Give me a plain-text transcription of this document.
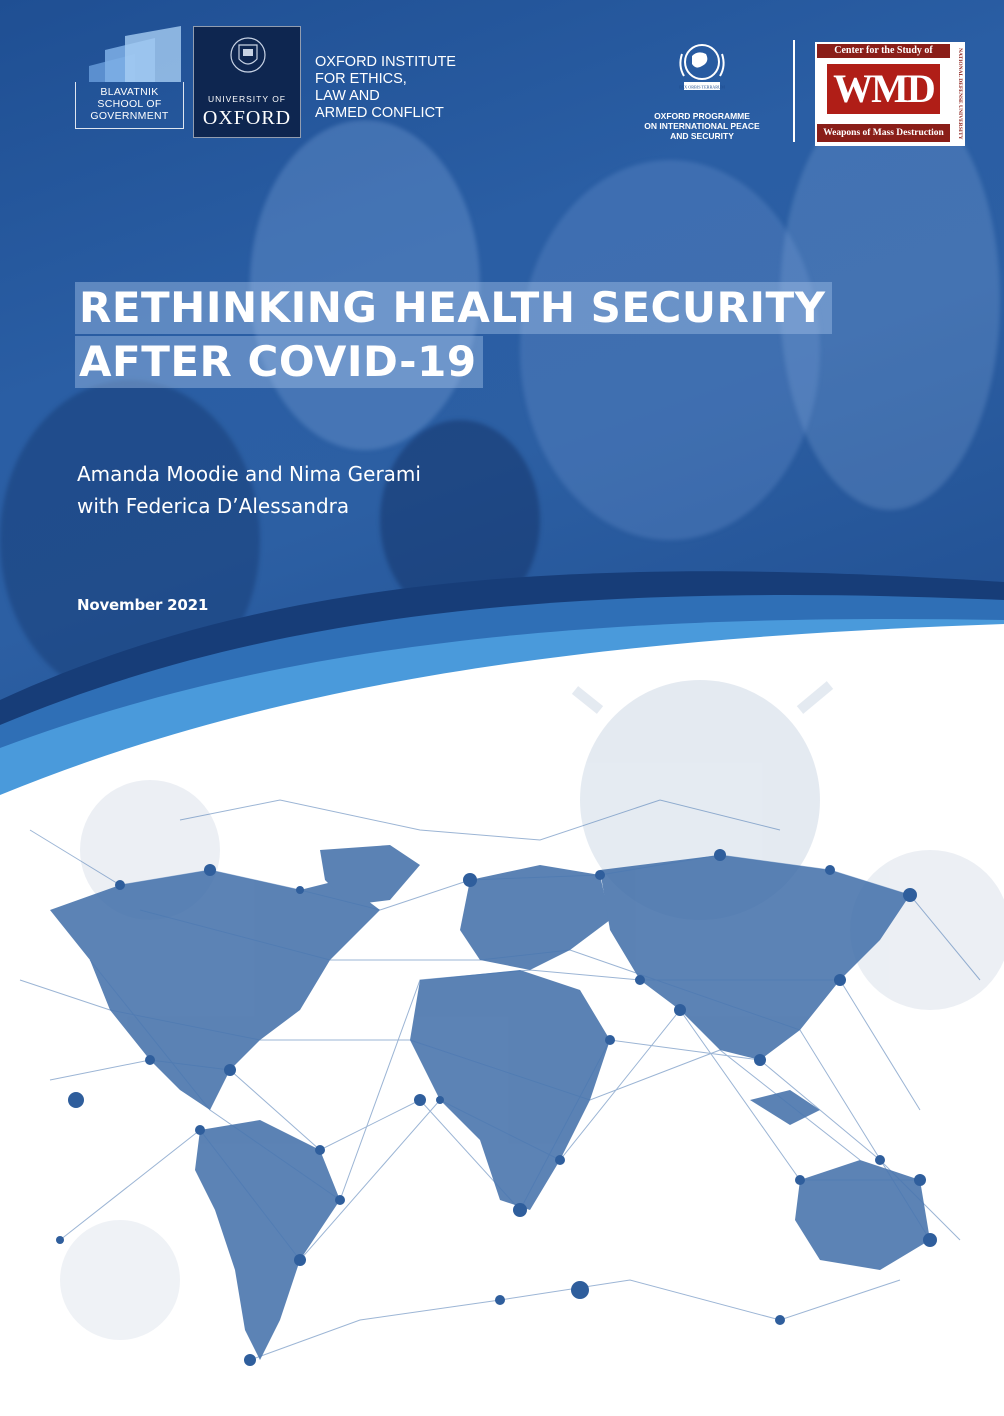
BLAVATNIK
SCHOOL OF
GOVERNMENT
UNIVERSITY OF
OXFORD
OXFORD INSTITUTE
FOR ETHICS,
LAW AND
ARMED CONFLICT
PAX ORBIS TERRARUM
OXFORD PROGRAMME
ON INTERNATIONAL PEACE
AND SECURITY
Center for the Study of
WMD
Weapons of Mass Destruction	NATIONAL DEFENSE UNIVERSITY
RETHINKING HEALTH SECURITY
AFTER COVID-19
Amanda Moodie and Nima Gerami
with Federica D’Alessandra
November 2021
